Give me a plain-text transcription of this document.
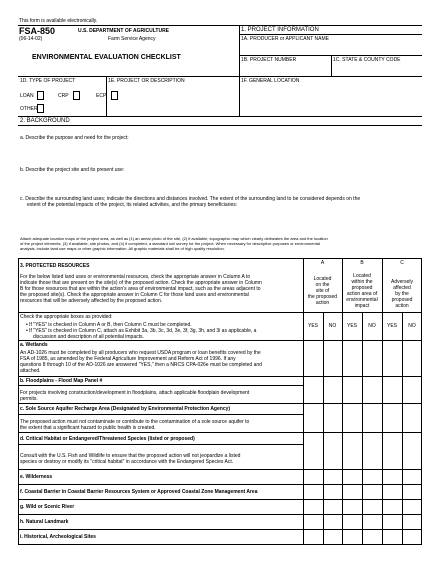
This form is available electronically.
FSA-850
(06-14-02)
U.S. DEPARTMENT OF AGRICULTURE
Farm Service Agency
ENVIRONMENTAL EVALUATION CHECKLIST
1. PROJECT INFORMATION
1A. PRODUCER or APPLICANT NAME
1B. PROJECT NUMBER	1C. STATE & COUNTY CODE
1D. TYPE OF PROJECT	1E. PROJECT OR DESCRIPTION	1F. GENERAL LOCATION
LOAN	CRP	ECP
OTHER
2. BACKGROUND
a. Describe the purpose and need for the project:
b. Describe the project site and its present use:
c. Describe the surrounding land uses; indicate the directions and distances involved. The extent of the surrounding land to be considered depends on the
extent of the potential impacts of the project, its related activities, and the primary beneficiaries:
Attach adequate location maps of the project area, as well as (1) an aerial photo of the site, (2) if available, topographic map which clearly delineates the area and the location
of the project elements, (3) if available, site photos, and (4) if completed, a standard soil survey for the project. When necessary for descriptive purposes or environmental
analysis, include land use maps or other graphic information. All graphic materials shall be of high quality resolution.
3. PROTECTED RESOURCES
For the below listed land uses or environmental resources, check the appropriate answer in Column A to
indicate those that are present on the site(s) of the proposed action. Check the appropriate answer in Column
B for those resources that are within the action's area of environmental impact, such as the areas adjacent to
the proposed site(s). Check the appropriate answer in Column C for those land uses and environmental
resources that will be adversely affected by the proposed action.
A	B	C
Located
on the
site of
the proposed
action
Located
within the
proposed
action area of
environmental
impact
Adversely
affected
by the
proposed
action
Check the appropriate boxes as provided:
• If "YES" is checked in Column A or B, then Column C must be completed.
• If "YES" is checked in Column C, attach as Exhibit 3a, 3b, 3c, 3d, 3e, 3f, 3g, 3h, and 3i as applicable, a
discussion and description of all potential impacts.
YES	NO	YES	NO	YES	NO
a. Wetlands
An AD-1026 must be completed by all producers who request USDA program or loan benefits covered by the
FSA of 1985, as amended by the Federal Agriculture Improvement and Reform Act of 1996. If any
questions 8 through 10 of the AD-1026 are answered "YES," then a NRCS CPA-026e must be completed and
attached.
b. Floodplains - Flood Map Panel #
For projects involving construction/development in floodplains, attach applicable floodplain development
permits.
c. Sole Source Aquifer Recharge Area (Designated by Environmental Protection Agency)
The proposed action must not contaminate or contribute to the contamination of a sole source aquifer to
the extent that a significant hazard to public health is created.
d. Critical Habitat or Endangered/Threatened Species (listed or proposed)
Consult with the U.S. Fish and Wildlife to ensure that the proposed action will not jeopardize a listed
species or destroy or modify its "critical habitat" in accordance with the Endangered Species Act.
e. Wilderness
f. Coastal Barrier in Coastal Barrier Resources System or Approved Coastal Zone Management Area
g. Wild or Scenic River
h. Natural Landmark
i. Historical, Archeological Sites
